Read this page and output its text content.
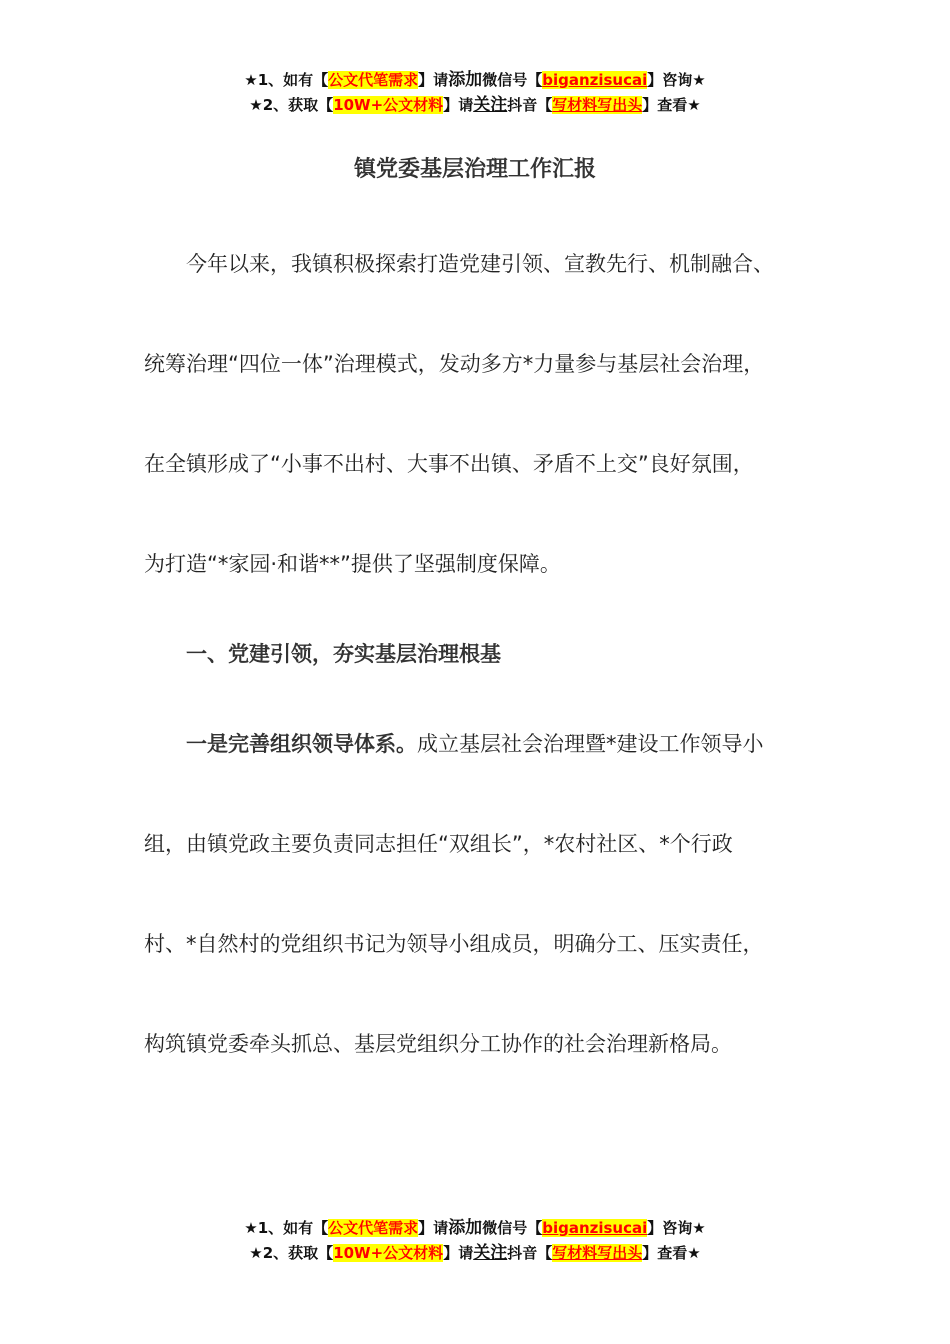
★1、如有【公文代笔需求】请添加微信号【biganzisucai】咨询★
★2、获取【10W+公文材料】请关注抖音【写材料写出头】查看★
镇党委基层治理工作汇报
　　今年以来，我镇积极探索打造党建引领、宣教先行、机制融合、
统筹治理“四位一体”治理模式，发动多方*力量参与基层社会治理，
在全镇形成了“小事不出村、大事不出镇、矛盾不上交”良好氛围，
为打造“*家园·和谐**”提供了坚强制度保障。
　　一、党建引领，夯实基层治理根基
　　一是完善组织领导体系。成立基层社会治理暨*建设工作领导小
组，由镇党政主要负责同志担任“双组长”，*农村社区、*个行政
村、*自然村的党组织书记为领导小组成员，明确分工、压实责任，
构筑镇党委牵头抓总、基层党组织分工协作的社会治理新格局。
★1、如有【公文代笔需求】请添加微信号【biganzisucai】咨询★
★2、获取【10W+公文材料】请关注抖音【写材料写出头】查看★
